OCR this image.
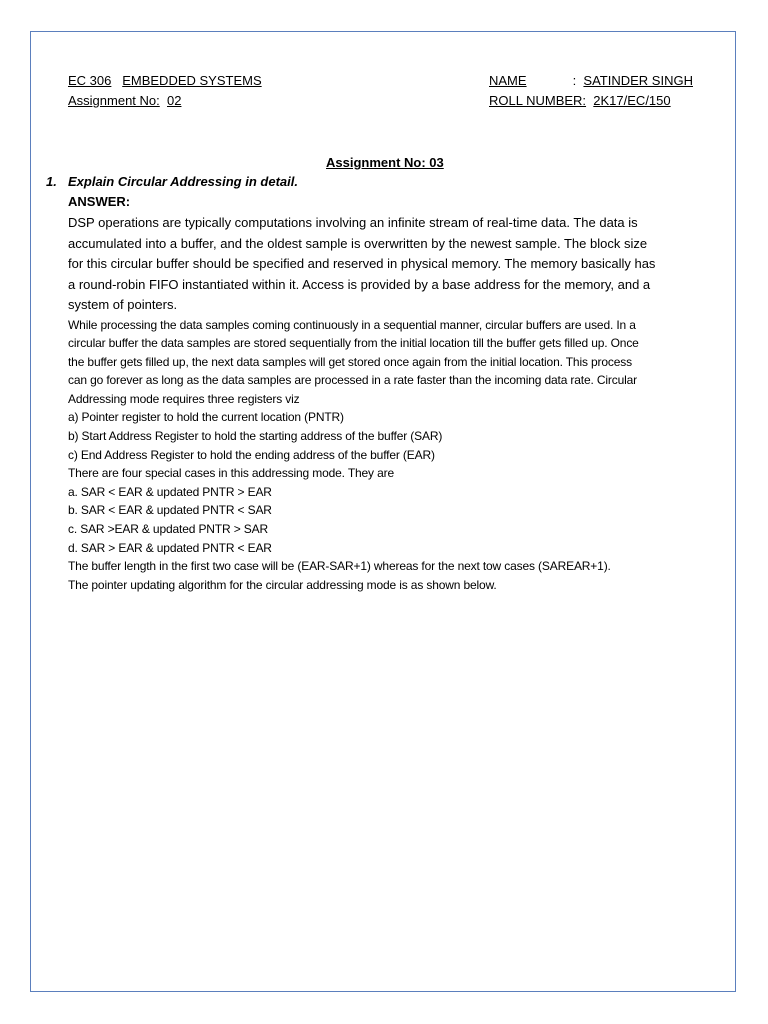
EC 306 EMBEDDED SYSTEMS
Assignment No: 02
NAME	: SATINDER SINGH
ROLL NUMBER: 2K17/EC/150
Assignment No: 03
1. Explain Circular Addressing in detail.
ANSWER:
DSP operations are typically computations involving an infinite stream of real-time data. The data is
accumulated into a buffer, and the oldest sample is overwritten by the newest sample. The block size
for this circular buffer should be specified and reserved in physical memory. The memory basically has
a round-robin FIFO instantiated within it. Access is provided by a base address for the memory, and a
system of pointers.
While processing the data samples coming continuously in a sequential manner, circular buffers are used. In a
circular buffer the data samples are stored sequentially from the initial location till the buffer gets filled up. Once
the buffer gets filled up, the next data samples will get stored once again from the initial location. This process
can go forever as long as the data samples are processed in a rate faster than the incoming data rate. Circular
Addressing mode requires three registers viz
a) Pointer register to hold the current location (PNTR)
b) Start Address Register to hold the starting address of the buffer (SAR)
c) End Address Register to hold the ending address of the buffer (EAR)
There are four special cases in this addressing mode. They are
a. SAR < EAR & updated PNTR > EAR
b. SAR < EAR & updated PNTR < SAR
c. SAR >EAR & updated PNTR > SAR
d. SAR > EAR & updated PNTR < EAR
The buffer length in the first two case will be (EAR-SAR+1) whereas for the next tow cases (SAREAR+1).
The pointer updating algorithm for the circular addressing mode is as shown below.
